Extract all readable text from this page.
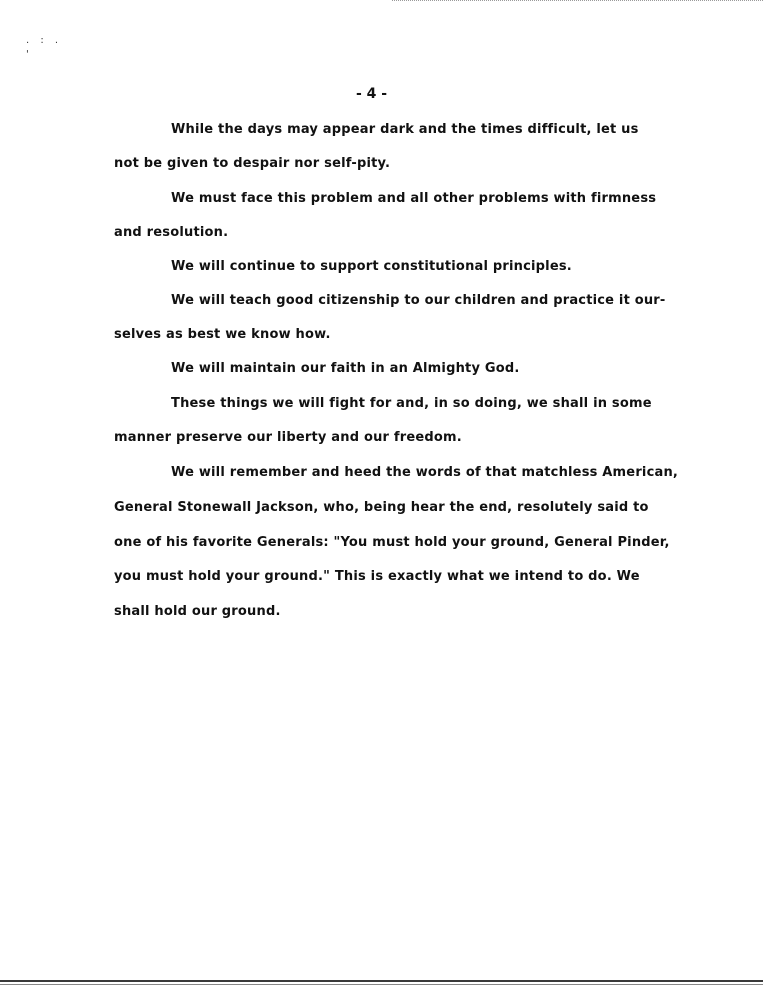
. : . '
- 4 -
While the days may appear dark and the times difficult, let us
not be given to despair nor self-pity.
We must face this problem and all other problems with firmness
and resolution.
We will continue to support constitutional principles.
We will teach good citizenship to our children and practice it our-
selves as best we know how.
We will maintain our faith in an Almighty God.
These things we will fight for and, in so doing, we shall in some
manner preserve our liberty and our freedom.
We will remember and heed the words of that matchless American,
General Stonewall Jackson, who, being hear the end, resolutely said to
one of his favorite Generals: "You must hold your ground, General Pinder,
you must hold your ground." This is exactly what we intend to do. We
shall hold our ground.
